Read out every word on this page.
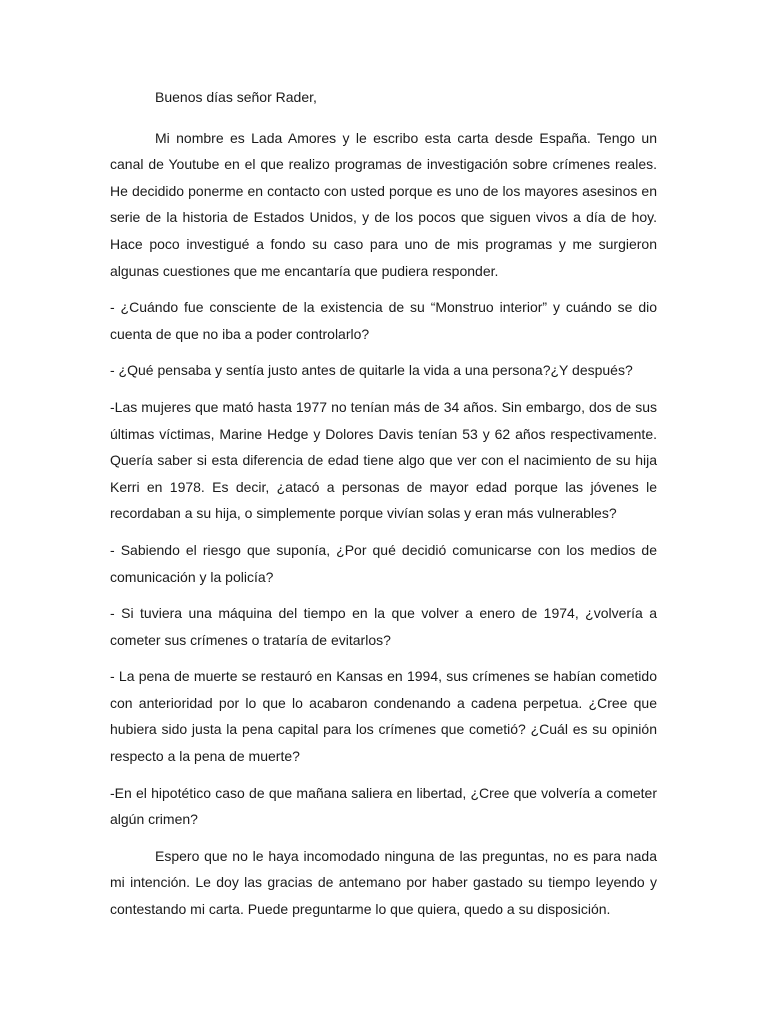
Buenos días señor Rader,

Mi nombre es Lada Amores y le escribo esta carta desde España. Tengo un canal de Youtube en el que realizo programas de investigación sobre crímenes reales. He decidido ponerme en contacto con usted porque es uno de los mayores asesinos en serie de la historia de Estados Unidos, y de los pocos que siguen vivos a día de hoy. Hace poco investigué a fondo su caso para uno de mis programas y me surgieron algunas cuestiones que me encantaría que pudiera responder.

- ¿Cuándo fue consciente de la existencia de su “Monstruo interior” y cuándo se dio cuenta de que no iba a poder controlarlo?

- ¿Qué pensaba y sentía justo antes de quitarle la vida a una persona?¿Y después?

-Las mujeres que mató hasta 1977 no tenían más de 34 años. Sin embargo, dos de sus últimas víctimas, Marine Hedge y Dolores Davis tenían 53 y 62 años respectivamente. Quería saber si esta diferencia de edad tiene algo que ver con el nacimiento de su hija Kerri en 1978. Es decir, ¿atacó a personas de mayor edad porque las jóvenes le recordaban a su hija, o simplemente porque vivían solas y eran más vulnerables?

- Sabiendo el riesgo que suponía, ¿Por qué decidió comunicarse con los medios de comunicación y la policía?

- Si tuviera una máquina del tiempo en la que volver a enero de 1974, ¿volvería a cometer sus crímenes o trataría de evitarlos?

- La pena de muerte se restauró en Kansas en 1994, sus crímenes se habían cometido con anterioridad por lo que lo acabaron condenando a cadena perpetua. ¿Cree que hubiera sido justa la pena capital para los crímenes que cometió? ¿Cuál es su opinión respecto a la pena de muerte?

-En el hipotético caso de que mañana saliera en libertad, ¿Cree que volvería a cometer algún crimen?

Espero que no le haya incomodado ninguna de las preguntas, no es para nada mi intención. Le doy las gracias de antemano por haber gastado su tiempo leyendo y contestando mi carta. Puede preguntarme lo que quiera, quedo a su disposición.
